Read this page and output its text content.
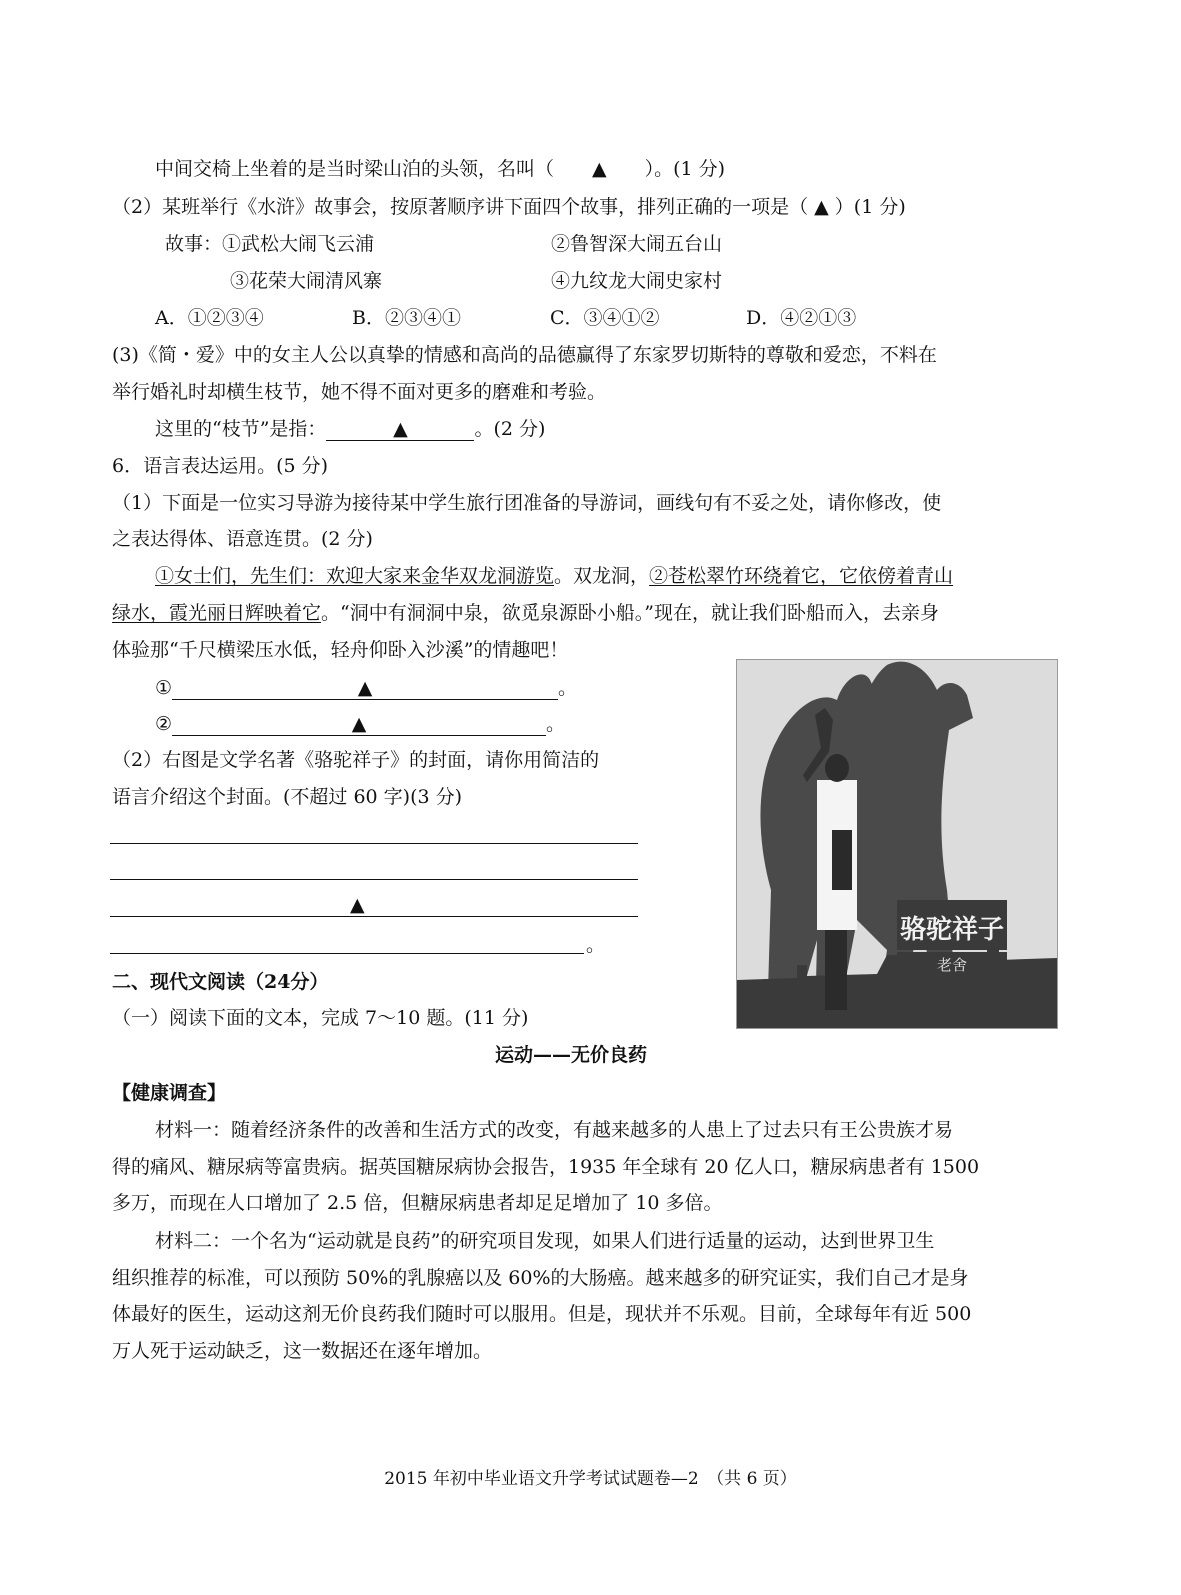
中间交椅上坐着的是当时梁山泊的头领，名叫（　　▲　　）。(1 分)
（2）某班举行《水浒》故事会，按原著顺序讲下面四个故事，排列正确的一项是（ ▲ ）(1 分)
故事：①武松大闹飞云浦	②鲁智深大闹五台山
③花荣大闹清风寨	④九纹龙大闹史家村
A．①②③④	B．②③④①	C．③④①②	D．④②①③
(3)《简・爱》中的女主人公以真挚的情感和高尚的品德赢得了东家罗切斯特的尊敬和爱恋，不料在
举行婚礼时却横生枝节，她不得不面对更多的磨难和考验。
这里的“枝节”是指：	▲	。(2 分)
6．语言表达运用。(5 分)
（1）下面是一位实习导游为接待某中学生旅行团准备的导游词，画线句有不妥之处，请你修改，使
之表达得体、语意连贯。(2 分)
①女士们，先生们：欢迎大家来金华双龙洞游览。双龙洞，②苍松翠竹环绕着它，它依傍着青山
绿水，霞光丽日辉映着它。“洞中有洞洞中泉，欲觅泉源卧小船。”现在，就让我们卧船而入，去亲身
体验那“千尺横梁压水低，轻舟仰卧入沙溪”的情趣吧！
①	▲	。
②	▲	。
（2）右图是文学名著《骆驼祥子》的封面，请你用简洁的
语言介绍这个封面。(不超过 60 字)(3 分)
▲
。	骆驼祥子
老舍
二、现代文阅读（24分）
（一）阅读下面的文本，完成 7～10 题。(11 分)
运动——无价良药
【健康调查】
材料一：随着经济条件的改善和生活方式的改变，有越来越多的人患上了过去只有王公贵族才易
得的痛风、糖尿病等富贵病。据英国糖尿病协会报告，1935 年全球有 20 亿人口，糖尿病患者有 1500
多万，而现在人口增加了 2.5 倍，但糖尿病患者却足足增加了 10 多倍。
材料二：一个名为“运动就是良药”的研究项目发现，如果人们进行适量的运动，达到世界卫生
组织推荐的标准，可以预防 50%的乳腺癌以及 60%的大肠癌。越来越多的研究证实，我们自己才是身
体最好的医生，运动这剂无价良药我们随时可以服用。但是，现状并不乐观。目前，全球每年有近 500
万人死于运动缺乏，这一数据还在逐年增加。
2015 年初中毕业语文升学考试试题卷—2　（共 6 页）
